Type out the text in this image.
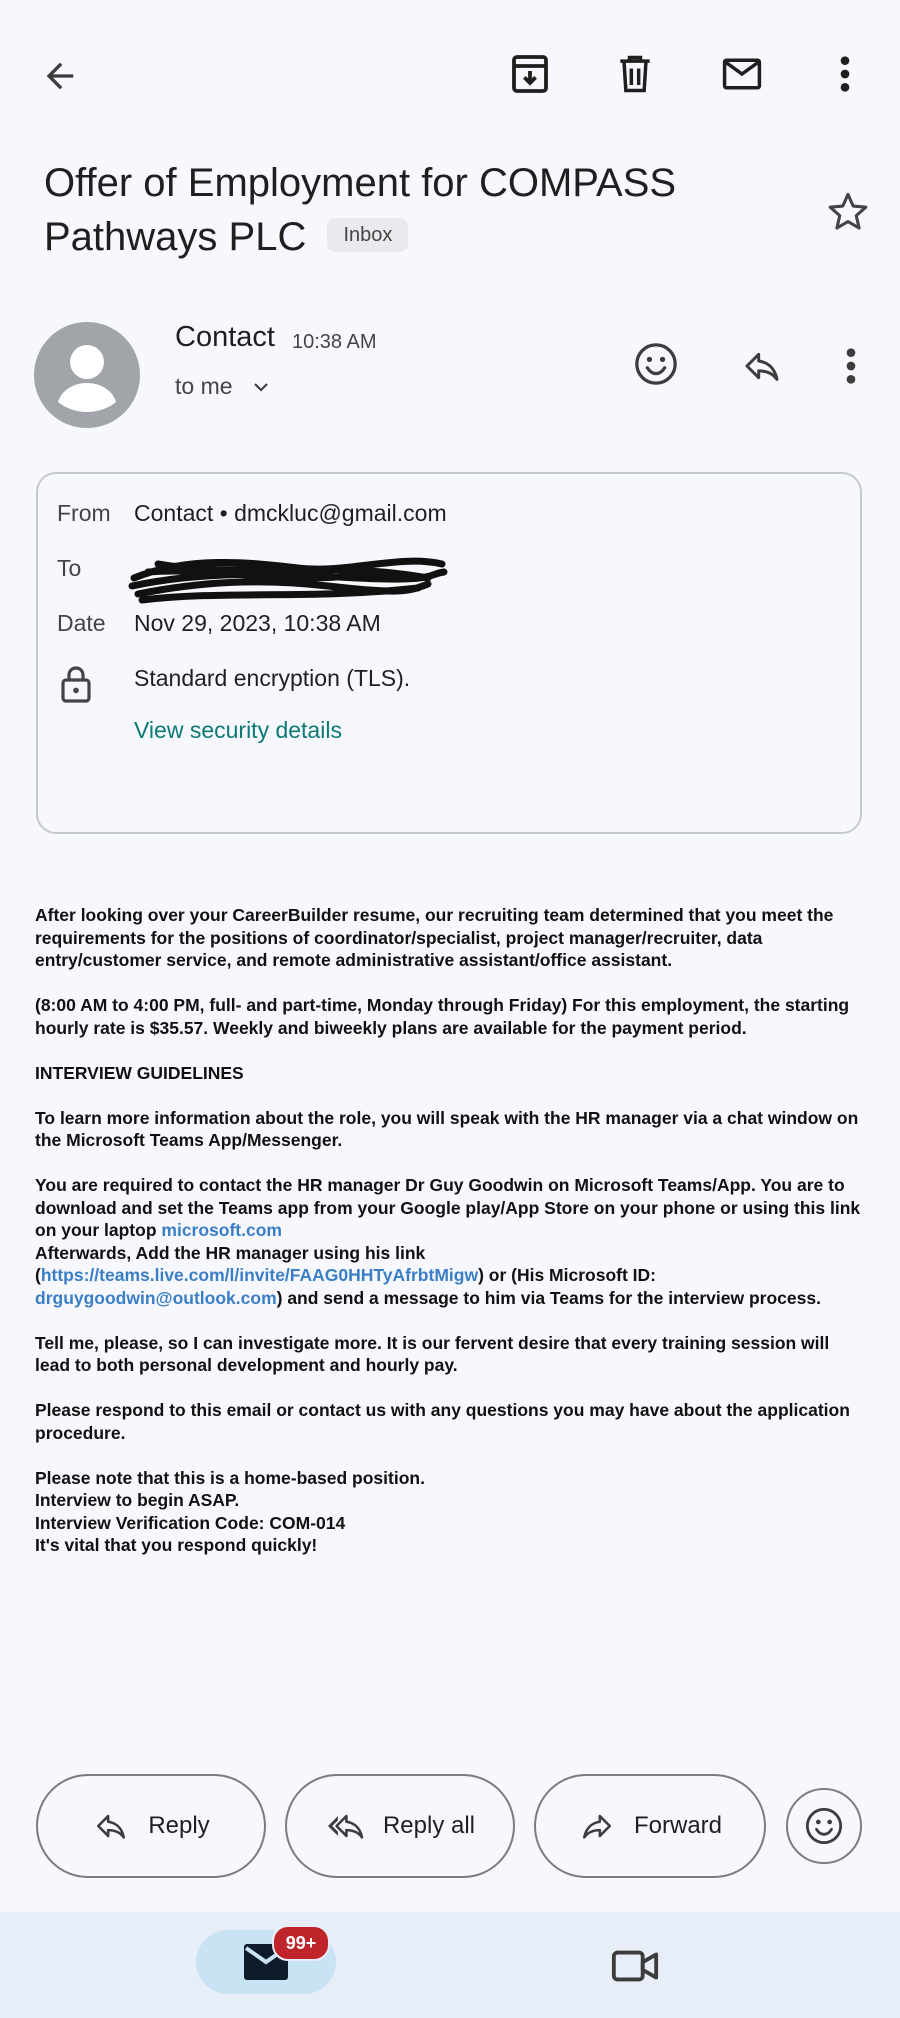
Offer of Employment for COMPASS Pathways PLC Inbox
Contact 10:38 AM
to me
From Contact • dmckluc@gmail.com
To
Date Nov 29, 2023, 10:38 AM
Standard encryption (TLS).
View security details

After looking over your CareerBuilder resume, our recruiting team determined that you meet the requirements for the positions of coordinator/specialist, project manager/recruiter, data entry/customer service, and remote administrative assistant/office assistant.

(8:00 AM to 4:00 PM, full- and part-time, Monday through Friday) For this employment, the starting hourly rate is $35.57. Weekly and biweekly plans are available for the payment period.

INTERVIEW GUIDELINES

To learn more information about the role, you will speak with the HR manager via a chat window on the Microsoft Teams App/Messenger.

You are required to contact the HR manager Dr Guy Goodwin on Microsoft Teams/App. You are to download and set the Teams app from your Google play/App Store on your phone or using this link on your laptop microsoft.com

Afterwards, Add the HR manager using his link (https://teams.live.com/l/invite/FAAG0HHTyAfrbtMigw) or (His Microsoft ID: drguygoodwin@outlook.com) and send a message to him via Teams for the interview process.

Tell me, please, so I can investigate more. It is our fervent desire that every training session will lead to both personal development and hourly pay.

Please respond to this email or contact us with any questions you may have about the application procedure.

Please note that this is a home-based position.
Interview to begin ASAP.
Interview Verification Code: COM-014
It's vital that you respond quickly!

Reply	Reply all	Forward
99+
